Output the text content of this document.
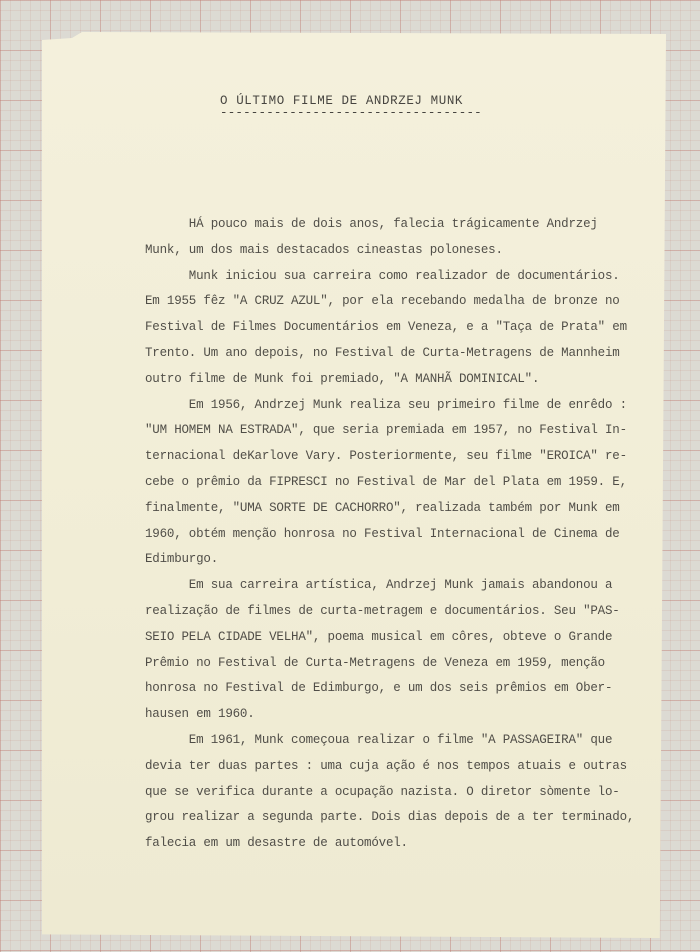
O ÚLTIMO FILME DE ANDRZEJ MUNK
----------------------------------

HÁ pouco mais de dois anos, falecia trágicamente Andrzej

Munk, um dos mais destacados cineastas poloneses.

Munk iniciou sua carreira como realizador de documentários.

Em 1955 fêz "A CRUZ AZUL", por ela recebando medalha de bronze no

Festival de Filmes Documentários em Veneza, e a "Taça de Prata" em

Trento. Um ano depois, no Festival de Curta-Metragens de Mannheim

outro filme de Munk foi premiado, "A MANHÃ DOMINICAL".

Em 1956, Andrzej Munk realiza seu primeiro filme de enrêdo :

"UM HOMEM NA ESTRADA", que seria premiada em 1957, no Festival In-

ternacional deKarlove Vary. Posteriormente, seu filme "EROICA" re-

cebe o prêmio da FIPRESCI no Festival de Mar del Plata em 1959. E,

finalmente, "UMA SORTE DE CACHORRO", realizada também por Munk em

1960, obtém menção honrosa no Festival Internacional de Cinema de

Edimburgo.

Em sua carreira artística, Andrzej Munk jamais abandonou a

realização de filmes de curta-metragem e documentários. Seu "PAS-

SEIO PELA CIDADE VELHA", poema musical em côres, obteve o Grande

Prêmio no Festival de Curta-Metragens de Veneza em 1959, menção

honrosa no Festival de Edimburgo, e um dos seis prêmios em Ober-

hausen em 1960.

Em 1961, Munk começoua realizar o filme "A PASSAGEIRA" que

devia ter duas partes : uma cuja ação é nos tempos atuais e outras

que se verifica durante a ocupação nazista. O diretor sòmente lo-

grou realizar a segunda parte. Dois dias depois de a ter terminado,

falecia em um desastre de automóvel.
